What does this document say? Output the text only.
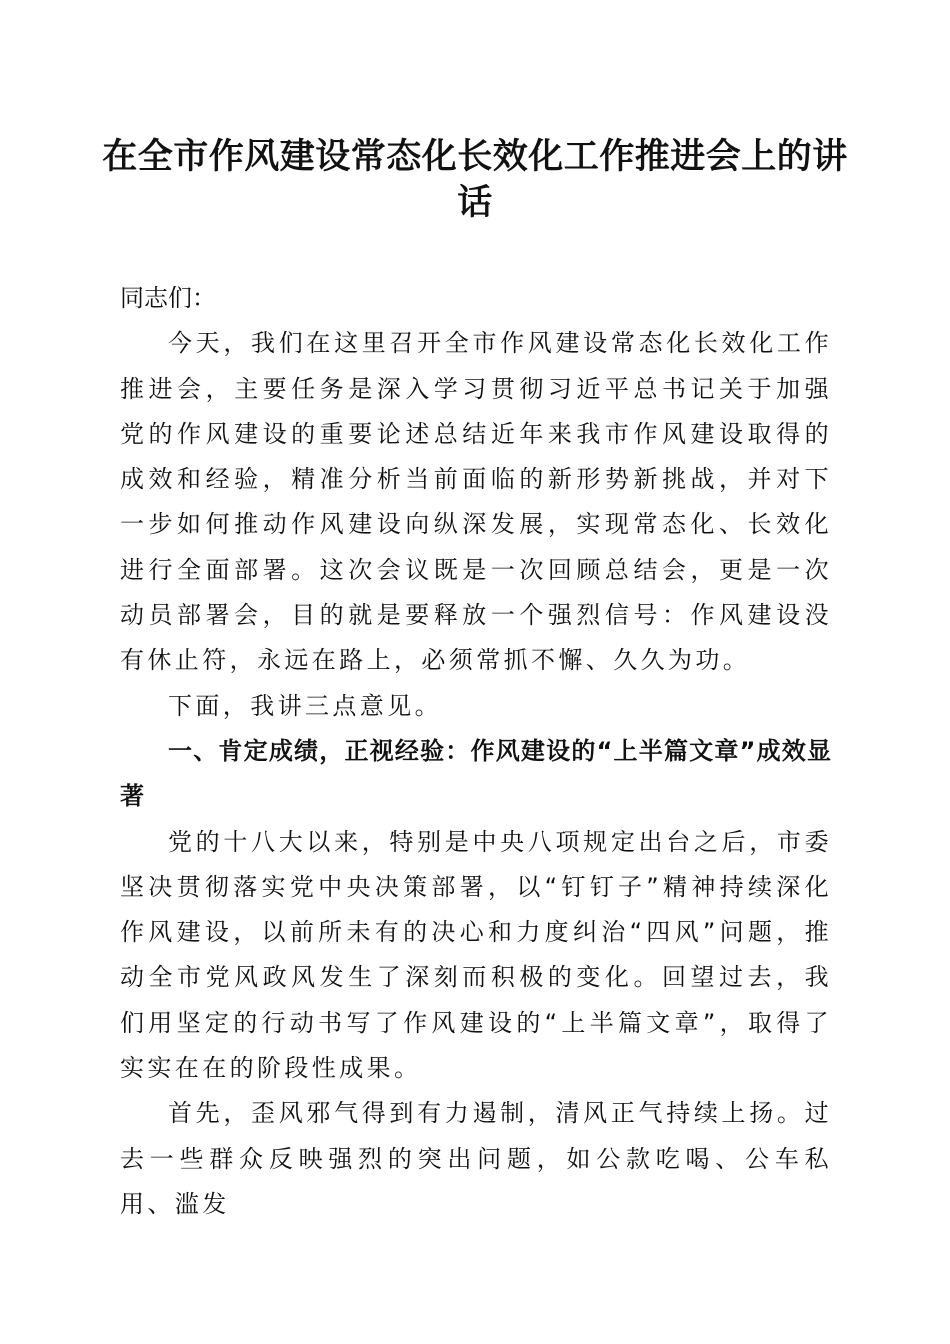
在全市作风建设常态化长效化工作推进会上的讲话

同志们：

今天，我们在这里召开全市作风建设常态化长效化工作推进会，主要任务是深入学习贯彻习近平总书记关于加强党的作风建设的重要论述总结近年来我市作风建设取得的成效和经验，精准分析当前面临的新形势新挑战，并对下一步如何推动作风建设向纵深发展，实现常态化、长效化进行全面部署。这次会议既是一次回顾总结会，更是一次动员部署会，目的就是要释放一个强烈信号：作风建设没有休止符，永远在路上，必须常抓不懈、久久为功。

下面，我讲三点意见。

一、肯定成绩，正视经验：作风建设的“上半篇文章”成效显著

党的十八大以来，特别是中央八项规定出台之后，市委坚决贯彻落实党中央决策部署，以“钉钉子”精神持续深化作风建设，以前所未有的决心和力度纠治“四风”问题，推动全市党风政风发生了深刻而积极的变化。回望过去，我们用坚定的行动书写了作风建设的“上半篇文章”，取得了实实在在的阶段性成果。

首先，歪风邪气得到有力遏制，清风正气持续上扬。过去一些群众反映强烈的突出问题，如公款吃喝、公车私用、滥发
